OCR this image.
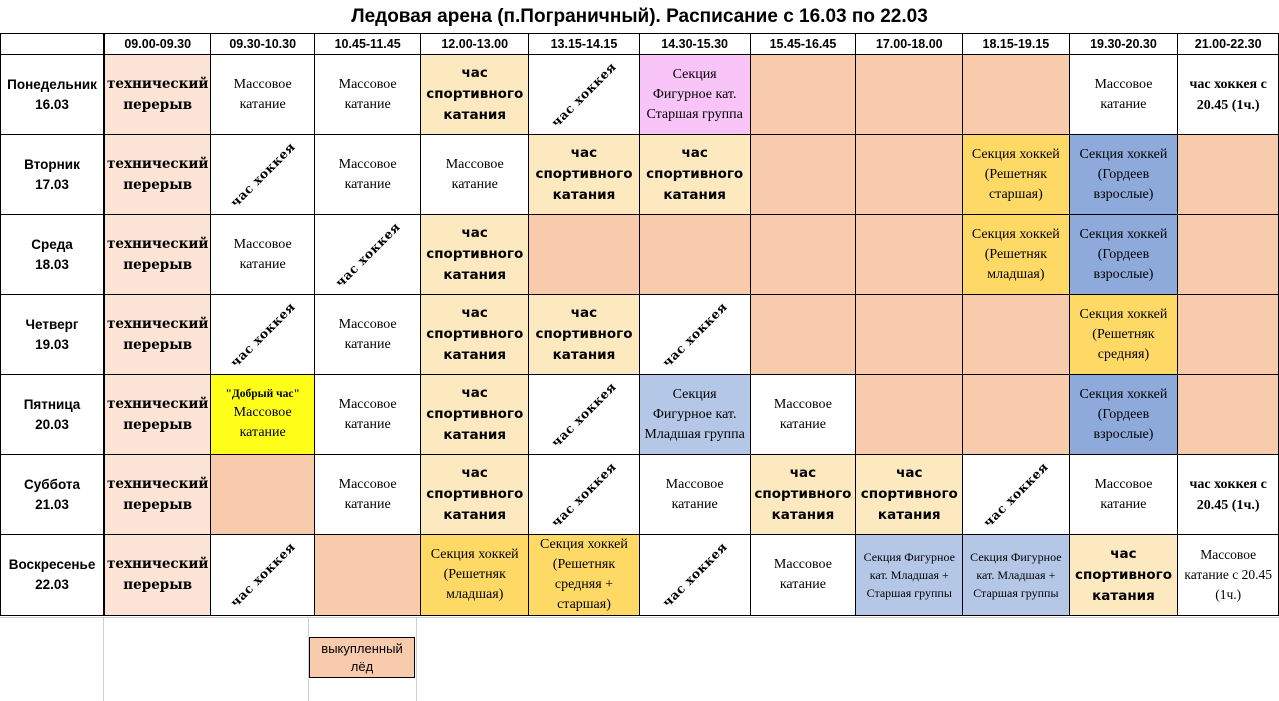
Ледовая арена (п.Пограничный). Расписание с 16.03 по 22.03
	09.00-09.30	09.30-10.30	10.45-11.45	12.00-13.00	13.15-14.15	14.30-15.30	15.45-16.45	17.00-18.00	18.15-19.15	19.30-20.30	21.00-22.30
Понедельник
16.03	технический
перерыв	Массовое
катание	Массовое
катание	час
спортивного
катания	час хоккея	Секция
Фигурное кат.
Старшая группа				Массовое
катание	час хоккея с
20.45 (1ч.)

Вторник
17.03	технический
перерыв	час хоккея	Массовое
катание	Массовое
катание	час
спортивного
катания	час
спортивного
катания			Секция хоккей
(Решетняк
старшая)	Секция хоккей
(Гордеев
взрослые)	

Среда
18.03	технический
перерыв	Массовое
катание	час хоккея	час
спортивного
катания					Секция хоккей
(Решетняк
младшая)	Секция хоккей
(Гордеев
взрослые)	

Четверг
19.03	технический
перерыв	час хоккея	Массовое
катание	час
спортивного
катания	час
спортивного
катания	час хоккея				Секция хоккей
(Решетняк
средняя)	

Пятница
20.03	технический
перерыв	"Добрый час"
Массовое катание	Массовое
катание	час
спортивного
катания	час хоккея	Секция
Фигурное кат.
Младшая группа	Массовое
катание			Секция хоккей
(Гордеев
взрослые)	

Суббота
21.03	технический
перерыв		Массовое
катание	час
спортивного
катания	час хоккея	Массовое
катание	час
спортивного
катания	час
спортивного
катания	час хоккея	Массовое
катание	час хоккея с
20.45 (1ч.)

Воскресенье
22.03	технический
перерыв	час хоккея		Секция хоккей
(Решетняк
младшая)	Секция хоккей
(Решетняк
средняя +
старшая)	час хоккея	Массовое
катание	Секция Фигурное
кат. Младшая +
Старшая группы	Секция Фигурное
кат. Младшая +
Старшая группы	час
спортивного
катания	Массовое
катание с 20.45
(1ч.)
выкупленный
лёд
